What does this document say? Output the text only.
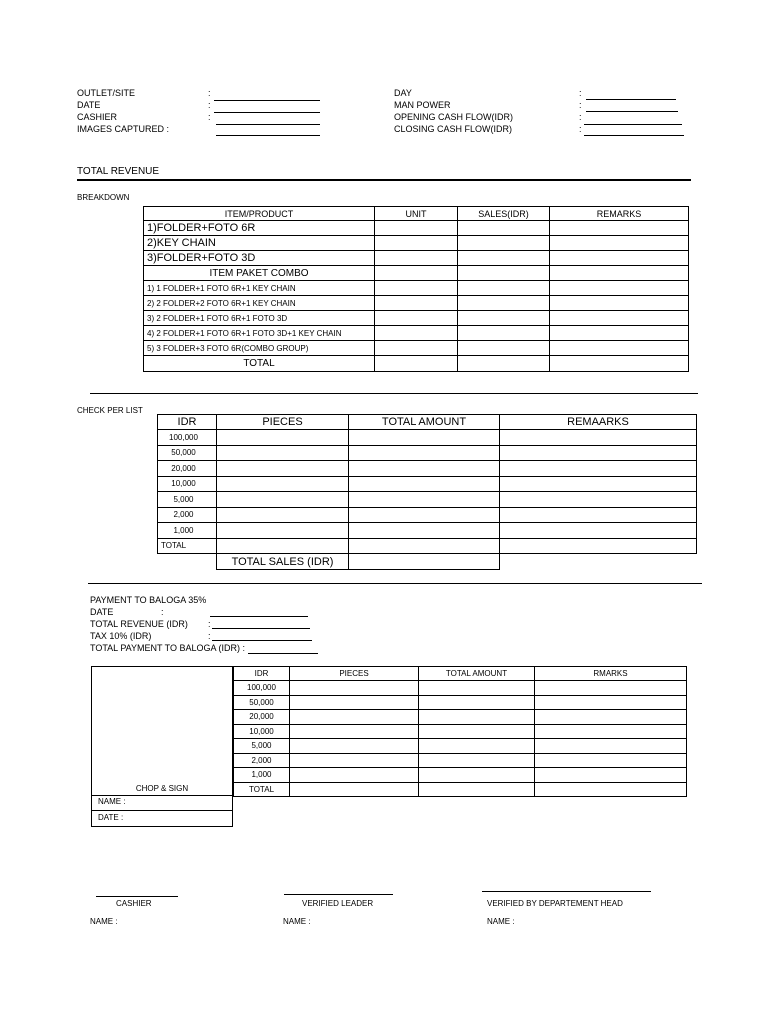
OUTLET/SITE	:
DATE	:
CASHIER	:
IMAGES CAPTURED :
DAY	:
MAN POWER	:
OPENING CASH FLOW(IDR)	:
CLOSING CASH FLOW(IDR)	:
TOTAL REVENUE
BREAKDOWN
ITEM/PRODUCT	UNIT	SALES(IDR)	REMARKS
1)FOLDER+FOTO 6R			
2)KEY CHAIN			
3)FOLDER+FOTO 3D			
ITEM PAKET COMBO			
1) 1 FOLDER+1 FOTO 6R+1 KEY CHAIN			
2) 2 FOLDER+2 FOTO 6R+1 KEY CHAIN			
3) 2 FOLDER+1 FOTO 6R+1 FOTO 3D			
4) 2 FOLDER+1 FOTO 6R+1 FOTO 3D+1 KEY CHAIN			
5) 3 FOLDER+3 FOTO 6R(COMBO GROUP)			
TOTAL			
CHECK PER LIST
IDR	PIECES	TOTAL AMOUNT	REMAARKS
100,000			
50,000			
20,000			
10,000			
5,000			
2,000			
1,000			
TOTAL			
	TOTAL SALES (IDR)		
PAYMENT TO BALOGA 35%
DATE	:
TOTAL REVENUE (IDR) :
TAX 10% (IDR)	:
TOTAL PAYMENT TO BALOGA (IDR) :
CHOP & SIGN
NAME :
DATE :
IDR	PIECES	TOTAL AMOUNT	RMARKS
100,000			
50,000			
20,000			
10,000			
5,000			
2,000			
1,000			
TOTAL			
CASHIER
NAME :
VERIFIED LEADER
NAME :
VERIFIED BY DEPARTEMENT HEAD
NAME :
